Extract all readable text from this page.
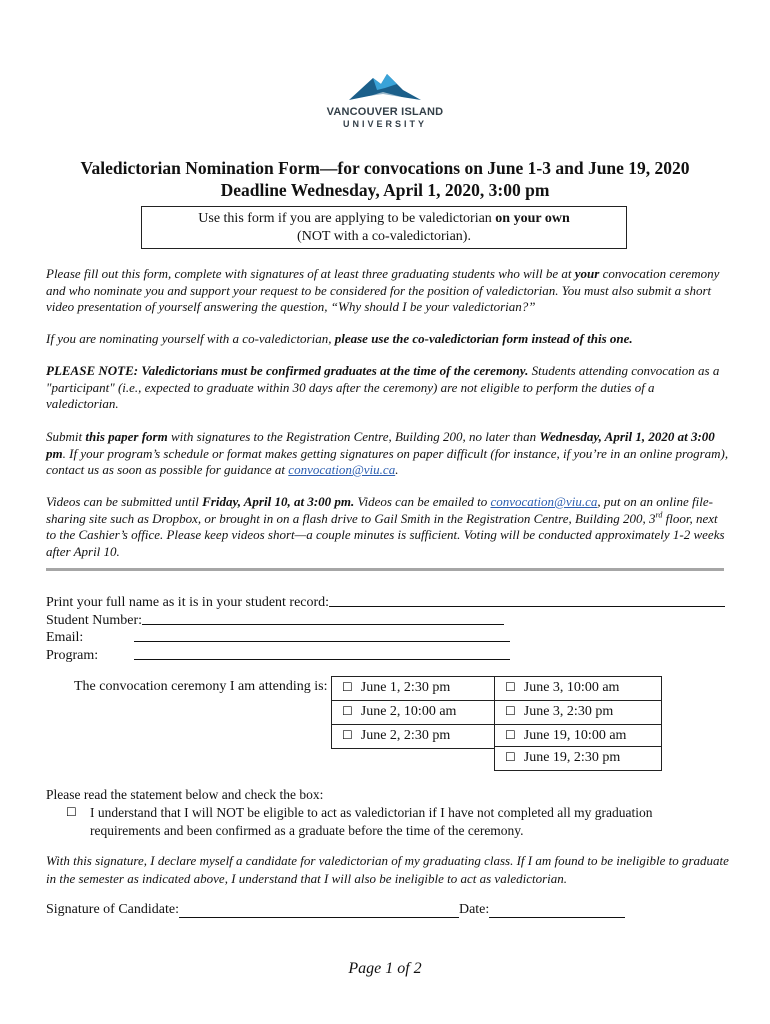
VANCOUVER ISLAND
UNIVERSITY
Valedictorian Nomination Form—for convocations on June 1-3 and June 19, 2020
Deadline Wednesday, April 1, 2020, 3:00 pm
Use this form if you are applying to be valedictorian on your own
(NOT with a co-valedictorian).
Please fill out this form, complete with signatures of at least three graduating students who will be at your convocation ceremony and who nominate you and support your request to be considered for the position of valedictorian. You must also submit a short video presentation of yourself answering the question, “Why should I be your valedictorian?”
If you are nominating yourself with a co-valedictorian, please use the co-valedictorian form instead of this one.
PLEASE NOTE: Valedictorians must be confirmed graduates at the time of the ceremony. Students attending convocation as a "participant" (i.e., expected to graduate within 30 days after the ceremony) are not eligible to perform the duties of a valedictorian.
Submit this paper form with signatures to the Registration Centre, Building 200, no later than Wednesday, April 1, 2020 at 3:00 pm. If your program’s schedule or format makes getting signatures on paper difficult (for instance, if you’re in an online program), contact us as soon as possible for guidance at convocation@viu.ca.
Videos can be submitted until Friday, April 10, at 3:00 pm. Videos can be emailed to convocation@viu.ca, put on an online file-sharing site such as Dropbox, or brought in on a flash drive to Gail Smith in the Registration Centre, Building 200, 3rd floor, next to the Cashier’s office. Please keep videos short—a couple minutes is sufficient. Voting will be conducted approximately 1-2 weeks after April 10.
Print your full name as it is in your student record:
Student Number:
Email:
Program:
The convocation ceremony I am attending is:	☐ June 1, 2:30 pm
☐ June 2, 10:00 am
☐ June 2, 2:30 pm
☐ June 3, 10:00 am
☐ June 3, 2:30 pm
☐ June 19, 10:00 am
☐ June 19, 2:30 pm
Please read the statement below and check the box:
☐ I understand that I will NOT be eligible to act as valedictorian if I have not completed all my graduation requirements and been confirmed as a graduate before the time of the ceremony.
With this signature, I declare myself a candidate for valedictorian of my graduating class. If I am found to be ineligible to graduate in the semester as indicated above, I understand that I will also be ineligible to act as valedictorian.
Signature of Candidate:	Date:
Page 1 of 2
